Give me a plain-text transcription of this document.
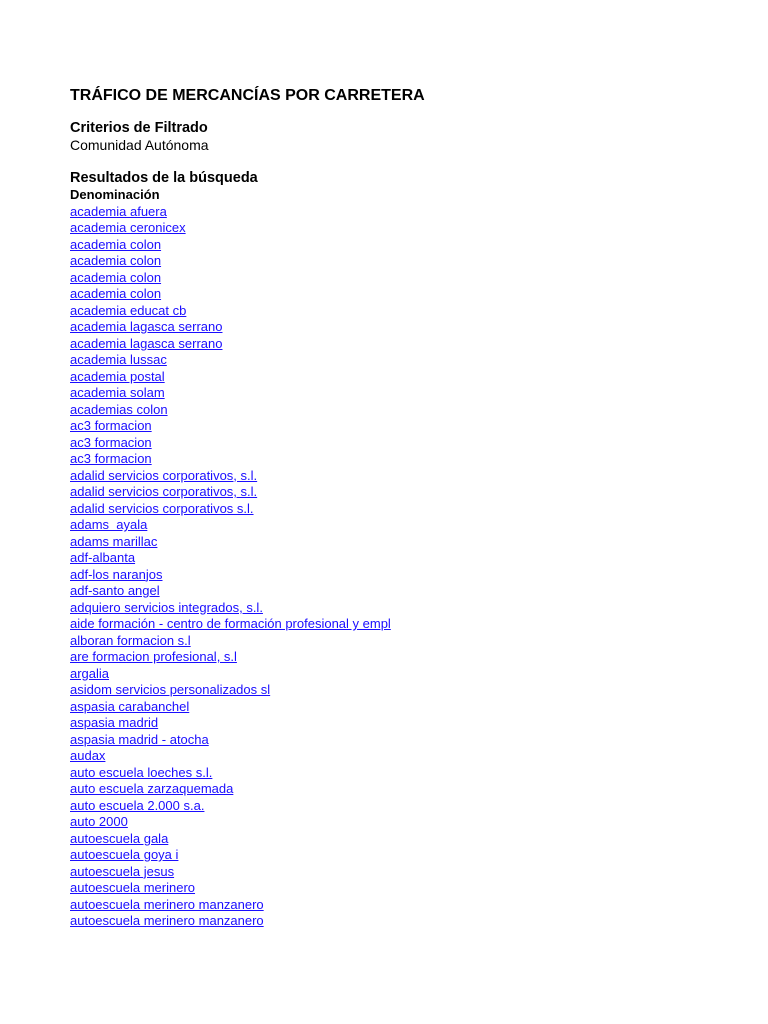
TRÁFICO DE MERCANCÍAS POR CARRETERA
Criterios de Filtrado

Comunidad Autónoma

Resultados de la búsqueda

Denominación

academia afuera
academia ceronicex
academia colon
academia colon
academia colon
academia colon
academia educat cb
academia lagasca serrano
academia lagasca serrano
academia lussac
academia postal
academia solam
academias colon
ac3 formacion
ac3 formacion
ac3 formacion
adalid servicios corporativos, s.l.
adalid servicios corporativos, s.l.
adalid servicios corporativos s.l.
adams  ayala
adams marillac
adf-albanta
adf-los naranjos
adf-santo angel
adquiero servicios integrados, s.l.
aide formación - centro de formación profesional y empl
alboran formacion s.l
are formacion profesional, s.l
argalia
asidom servicios personalizados sl
aspasia carabanchel
aspasia madrid
aspasia madrid - atocha
audax
auto escuela loeches s.l.
auto escuela zarzaquemada
auto escuela 2.000 s.a.
auto 2000
autoescuela gala
autoescuela goya i
autoescuela jesus
autoescuela merinero
autoescuela merinero manzanero
autoescuela merinero manzanero
